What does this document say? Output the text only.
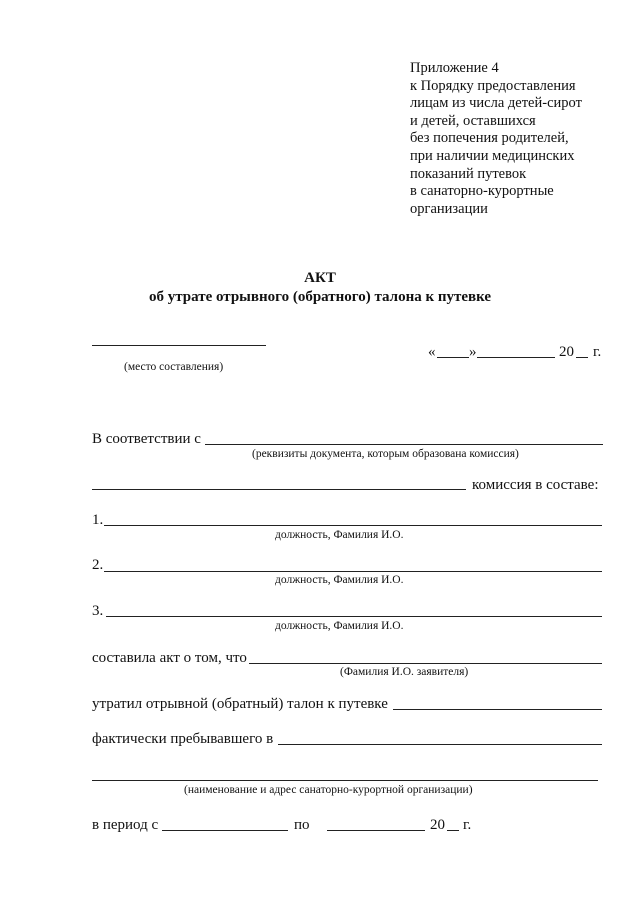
Приложение 4
к Порядку предоставления
лицам из числа детей-сирот
и детей, оставшихся
без попечения родителей,
при наличии медицинских
показаний путевок
в санаторно-курортные
организации
АКТ
об утрате отрывного (обратного) талона к путевке
(место составления)
« »	20 г.
В соответствии с
(реквизиты документа, которым образована комиссия)
комиссия в составе:
1.
должность, Фамилия И.О.
2.
должность, Фамилия И.О.
3.
должность, Фамилия И.О.
составила акт о том, что
(Фамилия И.О. заявителя)
утратил отрывной (обратный) талон к путевке
фактически пребывавшего в
(наименование и адрес санаторно-курортной организации)
в период с	по	20 г.
